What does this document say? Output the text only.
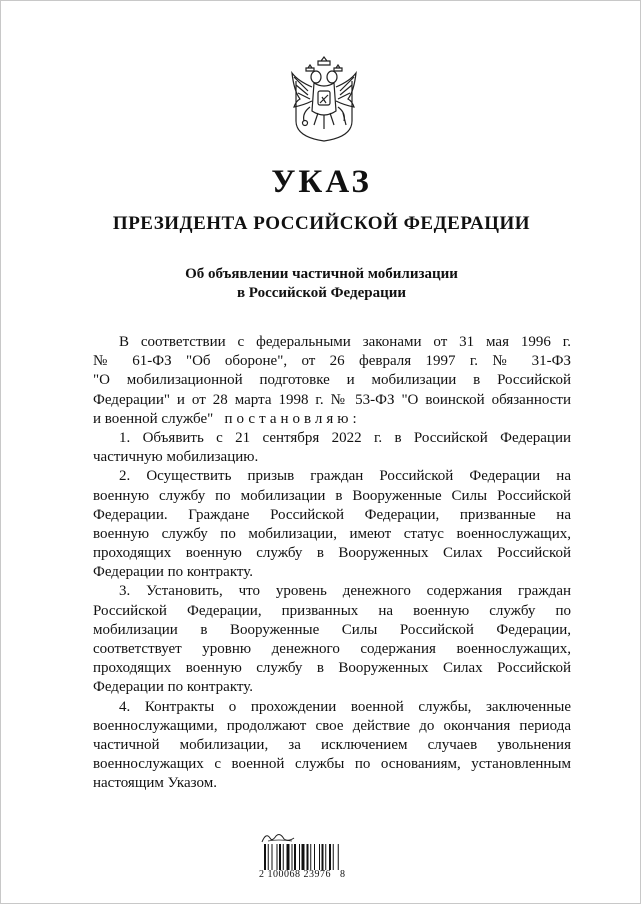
УКАЗ
ПРЕЗИДЕНТА РОССИЙСКОЙ ФЕДЕРАЦИИ
Об объявлении частичной мобилизации
в Российской Федерации
В соответствии с федеральными законами от 31 мая 1996 г.
№ 61-ФЗ "Об обороне", от 26 февраля 1997 г. № 31-ФЗ
"О мобилизационной подготовке и мобилизации в Российской
Федерации" и от 28 марта 1998 г. № 53-ФЗ "О воинской обязанности
и военной службе" постановляю:
1. Объявить с 21 сентября 2022 г. в Российской Федерации
частичную мобилизацию.
2. Осуществить призыв граждан Российской Федерации на
военную службу по мобилизации в Вооруженные Силы Российской
Федерации. Граждане Российской Федерации, призванные на
военную службу по мобилизации, имеют статус военнослужащих,
проходящих военную службу в Вооруженных Силах Российской
Федерации по контракту.
3. Установить, что уровень денежного содержания граждан
Российской Федерации, призванных на военную службу по
мобилизации в Вооруженные Силы Российской Федерации,
соответствует уровню денежного содержания военнослужащих,
проходящих военную службу в Вооруженных Силах Российской
Федерации по контракту.
4. Контракты о прохождении военной службы, заключенные
военнослужащими, продолжают свое действие до окончания периода
частичной мобилизации, за исключением случаев увольнения
военнослужащих с военной службы по основаниям, установленным
настоящим Указом.
2 100068 23976   8
